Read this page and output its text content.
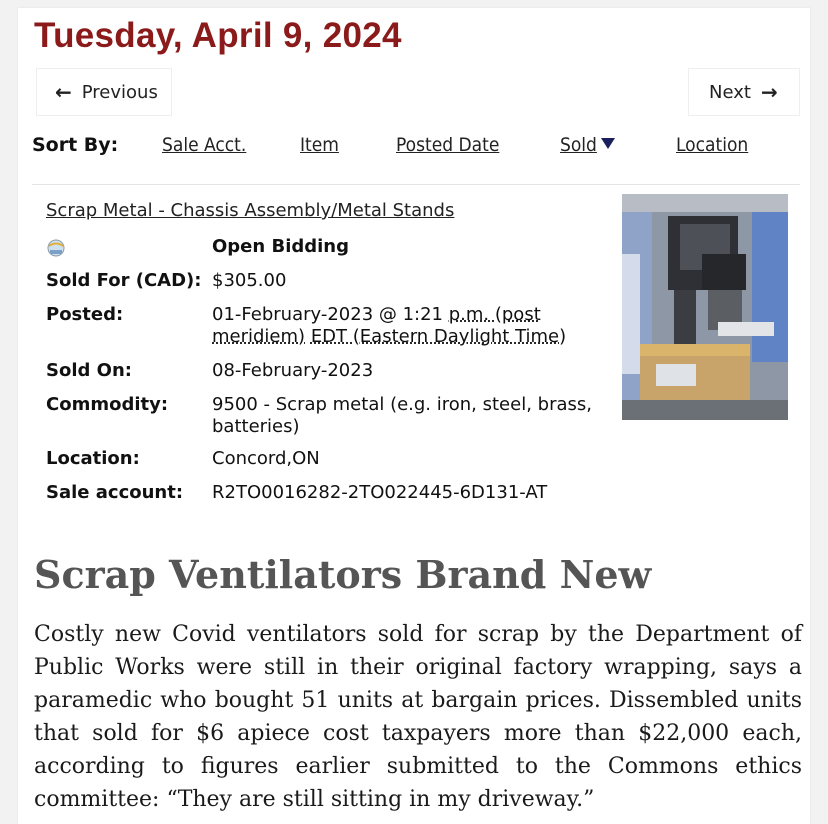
Tuesday, April 9, 2024
← Previous	Next →
Sort By: Sale Acct.	Item	Posted Date	Sold	Location
Scrap Metal - Chassis Assembly/Metal Stands
Open Bidding
Sold For (CAD): $305.00
Posted:	01-February-2023 @ 1:21 p.m. (post
meridiem) EDT (Eastern Daylight Time)
Sold On:	08-February-2023
Commodity: 9500 - Scrap metal (e.g. iron, steel, brass,
batteries)
Location:	Concord,ON
Sale account: R2TO0016282-2TO022445-6D131-AT
Scrap Ventilators Brand New

Costly new Covid ventilators sold for scrap by the Department of Public Works were still in their original factory wrapping, says a paramedic who bought 51 units at bargain prices. Dissembled units that sold for $6 apiece cost taxpayers more than $22,000 each, according to figures earlier submitted to the Commons ethics committee: “They are still sitting in my driveway.”
